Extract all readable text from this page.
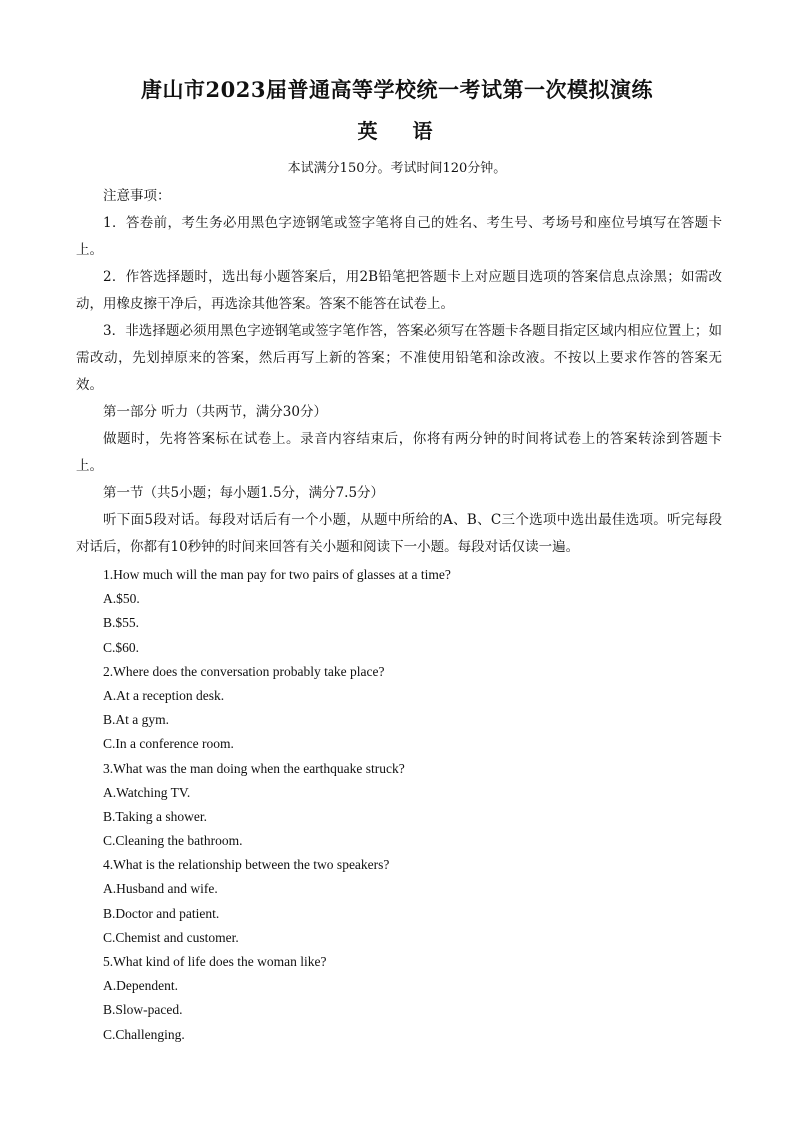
唐山市2023届普通高等学校统一考试第一次模拟演练
英 语
本试满分150分。考试时间120分钟。

注意事项：

1．答卷前，考生务必用黑色字迹钢笔或签字笔将自己的姓名、考生号、考场号和座位号填写在答题卡上。

2．作答选择题时，选出每小题答案后，用2B铅笔把答题卡上对应题目选项的答案信息点涂黑；如需改动，用橡皮擦干净后，再选涂其他答案。答案不能答在试卷上。

3．非选择题必须用黑色字迹钢笔或签字笔作答，答案必须写在答题卡各题目指定区域内相应位置上；如需改动，先划掉原来的答案，然后再写上新的答案；不准使用铅笔和涂改液。不按以上要求作答的答案无效。

第一部分 听力（共两节，满分30分）

做题时，先将答案标在试卷上。录音内容结束后，你将有两分钟的时间将试卷上的答案转涂到答题卡上。

第一节（共5小题；每小题1.5分，满分7.5分）

听下面5段对话。每段对话后有一个小题，从题中所给的A、B、C三个选项中选出最佳选项。听完每段对话后，你都有10秒钟的时间来回答有关小题和阅读下一小题。每段对话仅读一遍。

1.How much will the man pay for two pairs of glasses at a time?
A.$50.
B.$55.
C.$60.
2.Where does the conversation probably take place?
A.At a reception desk.
B.At a gym.
C.In a conference room.
3.What was the man doing when the earthquake struck?
A.Watching TV.
B.Taking a shower.
C.Cleaning the bathroom.
4.What is the relationship between the two speakers?
A.Husband and wife.
B.Doctor and patient.
C.Chemist and customer.
5.What kind of life does the woman like?
A.Dependent.
B.Slow-paced.
C.Challenging.
